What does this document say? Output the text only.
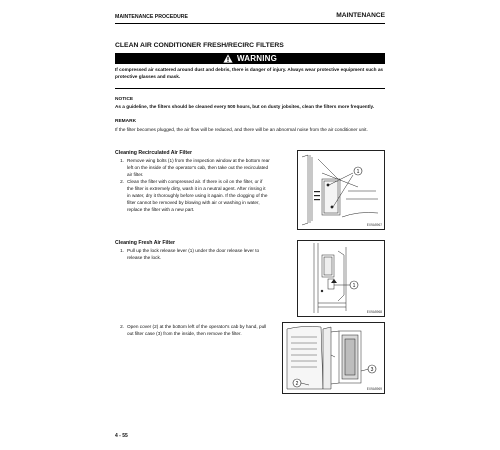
MAINTENANCE PROCEDURE	MAINTENANCE
CLEAN AIR CONDITIONER FRESH/RECIRC FILTERS
WARNING
If compressed air scattered around dust and debris, there is danger of injury. Always wear protective equipment such as protective glasses and mask.
NOTICE
As a guideline, the filters should be cleaned every 500 hours, but on dusty jobsites, clean the filters more frequently.
REMARK
If the filter becomes plugged, the air flow will be reduced, and there will be an abnormal noise from the air conditioner unit.
Cleaning Recirculated Air Filter
1. Remove wing bolts (1) from the inspection window at the bottom rear left on the inside of the operator's cab, then take out the recirculated air filter.
2. Clean the filter with compressed air. If there is oil on the filter, or if the filter is extremely dirty, wash it in a neutral agent. After rinsing it in water, dry it thoroughly before using it again. If the clogging of the filter cannot be removed by blowing with air or washing in water, replace the filter with a new part.
1
EX9A5967
Cleaning Fresh Air Filter
1. Pull up the lock release lever (1) under the door release lever to release the lock.
1
EX9A5968
2. Open cover (2) at the bottom left of the operator's cab by hand, pull out filter case (3) from the inside, then remove the filter.
3
2
EX9A5969
4 - 55
